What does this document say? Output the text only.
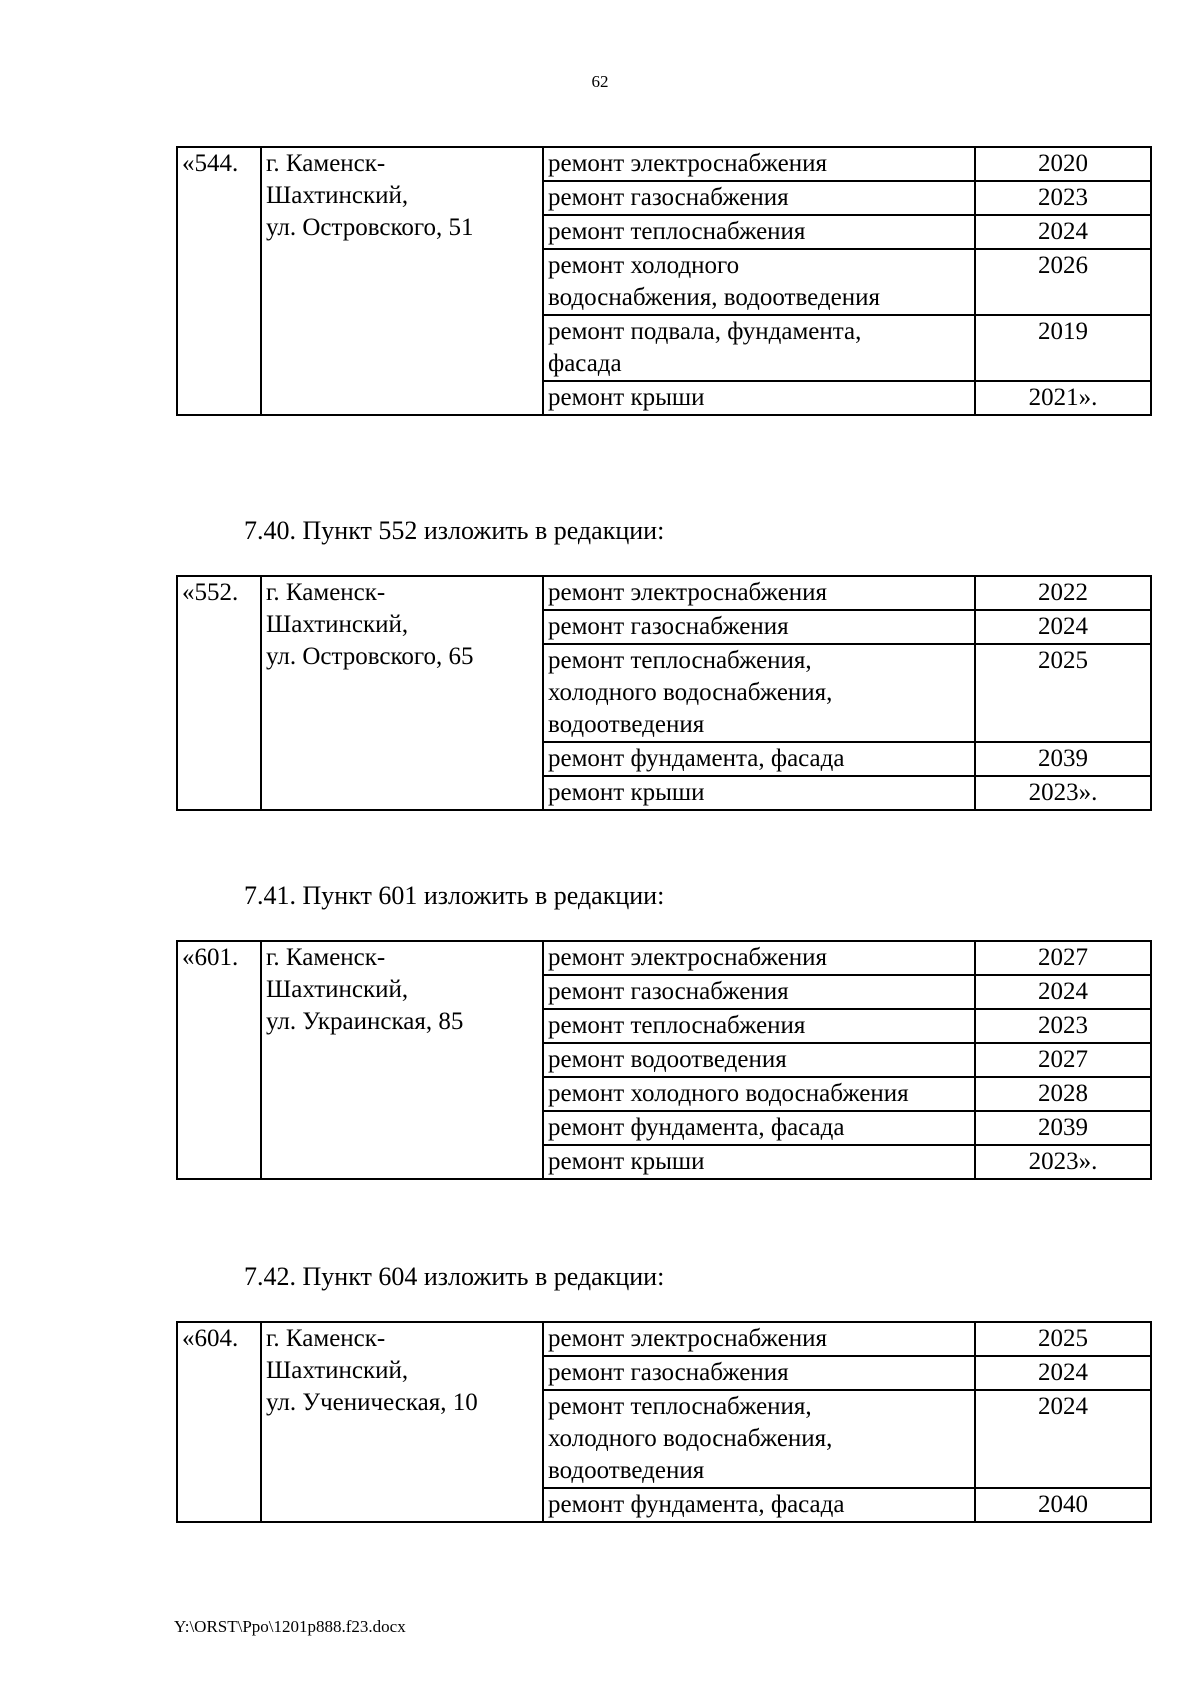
62
«544.	г. Каменск-
Шахтинский,
ул. Островского, 51	ремонт электроснабжения	2020
		ремонт газоснабжения	2023
		ремонт теплоснабжения	2024
		ремонт холодного
водоснабжения, водоотведения	2026
		ремонт подвала, фундамента,
фасада	2019
		ремонт крыши	2021».
7.40. Пункт 552 изложить в редакции:
«552.	г. Каменск-
Шахтинский,
ул. Островского, 65	ремонт электроснабжения	2022
		ремонт газоснабжения	2024
		ремонт теплоснабжения,
холодного водоснабжения,
водоотведения	2025
		ремонт фундамента, фасада	2039
		ремонт крыши	2023».
7.41. Пункт 601 изложить в редакции:
«601.	г. Каменск-
Шахтинский,
ул. Украинская, 85	ремонт электроснабжения	2027
		ремонт газоснабжения	2024
		ремонт теплоснабжения	2023
		ремонт водоотведения	2027
		ремонт холодного водоснабжения	2028
		ремонт фундамента, фасада	2039
		ремонт крыши	2023».
7.42. Пункт 604 изложить в редакции:
«604.	г. Каменск-
Шахтинский,
ул. Ученическая, 10	ремонт электроснабжения	2025
		ремонт газоснабжения	2024
		ремонт теплоснабжения,
холодного водоснабжения,
водоотведения	2024
		ремонт фундамента, фасада	2040
Y:\ORST\Ppo\1201p888.f23.docx
